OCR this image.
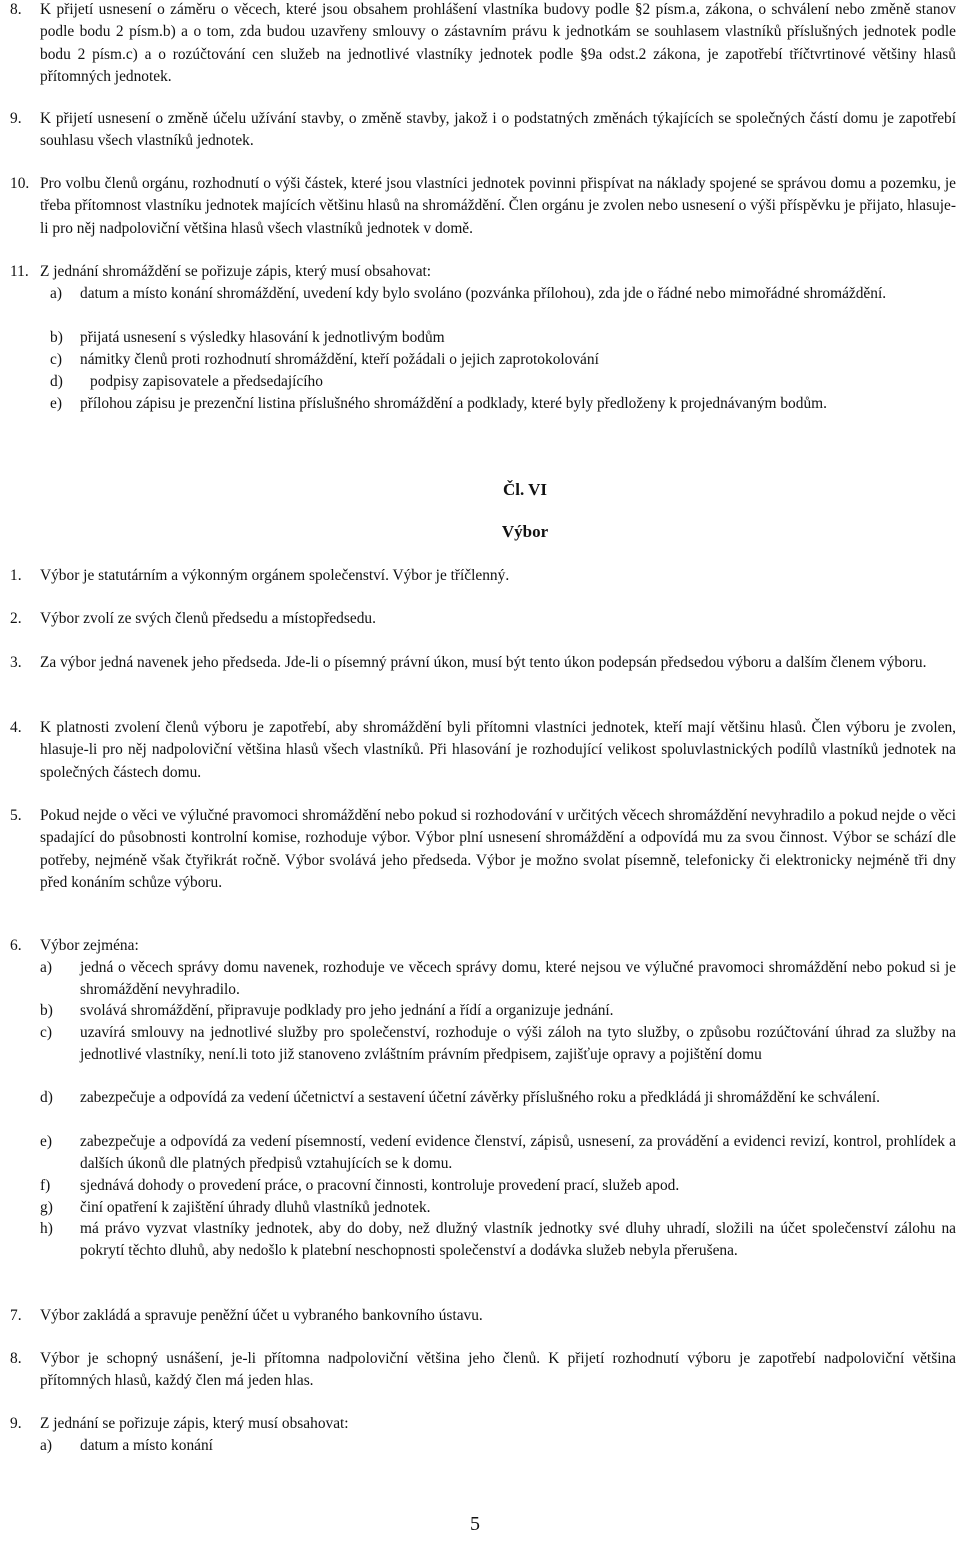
8.	K přijetí usnesení o záměru o věcech, které jsou obsahem prohlášení vlastníka budovy podle §2 písm.a, zákona, o schválení nebo změně stanov podle bodu 2 písm.b) a o tom, zda budou uzavřeny smlouvy o zástavním právu k jednotkám se souhlasem vlastníků příslušných jednotek podle bodu 2 písm.c) a o rozúčtování cen služeb na jednotlivé vlastníky jednotek podle §9a odst.2 zákona, je zapotřebí tříčtvrtinové většiny hlasů přítomných jednotek.
9.	K přijetí usnesení o změně účelu užívání stavby, o změně stavby, jakož i o podstatných změnách týkajících se společných částí domu je zapotřebí souhlasu všech vlastníků jednotek.
10. Pro volbu členů orgánu, rozhodnutí o výši částek, které jsou vlastníci jednotek povinni přispívat na náklady spojené se správou domu a pozemku, je třeba přítomnost vlastníku jednotek majících většinu hlasů na shromáždění. Člen orgánu je zvolen nebo usnesení o výši příspěvku je přijato, hlasuje-li pro něj nadpoloviční většina hlasů všech vlastníků jednotek v domě.
11. Z jednání shromáždění se pořizuje zápis, který musí obsahovat:
a)	datum a místo konání shromáždění, uvedení kdy bylo svoláno (pozvánka přílohou), zda jde o řádné nebo mimořádné shromáždění.
b)	přijatá usnesení s výsledky hlasování k jednotlivým bodům
c)	námitky členů proti rozhodnutí shromáždění, kteří požádali o jejich zaprotokolování
d)	podpisy zapisovatele a předsedajícího
e)	přílohou zápisu je prezenční listina příslušného shromáždění a podklady, které byly předloženy k projednávaným bodům.
Čl. VI
Výbor
1.	Výbor je statutárním a výkonným orgánem společenství. Výbor je tříčlenný.
2.	Výbor zvolí ze svých členů předsedu a místopředsedu.
3.	Za výbor jedná navenek jeho předseda. Jde-li o písemný právní úkon, musí být tento úkon podepsán předsedou výboru a dalším členem výboru.
4.	K platnosti zvolení členů výboru je zapotřebí, aby shromáždění byli přítomni vlastníci jednotek, kteří mají většinu hlasů. Člen výboru je zvolen, hlasuje-li pro něj nadpoloviční většina hlasů všech vlastníků. Při hlasování je rozhodující velikost spoluvlastnických podílů vlastníků jednotek na společných částech domu.
5.	Pokud nejde o věci ve výlučné pravomoci shromáždění nebo pokud si rozhodování v určitých věcech shromáždění nevyhradilo a pokud nejde o věci spadající do působnosti kontrolní komise, rozhoduje výbor. Výbor plní usnesení shromáždění a odpovídá mu za svou činnost. Výbor se schází dle potřeby, nejméně však čtyřikrát ročně. Výbor svolává jeho předseda. Výbor je možno svolat písemně, telefonicky či elektronicky nejméně tři dny před konáním schůze výboru.
6.	Výbor zejména:
a)	jedná o věcech správy domu navenek, rozhoduje ve věcech správy domu, které nejsou ve výlučné pravomoci shromáždění nebo pokud si je shromáždění nevyhradilo.
b)	svolává shromáždění, připravuje podklady pro jeho jednání a řídí a organizuje jednání.
c)	uzavírá smlouvy na jednotlivé služby pro společenství, rozhoduje o výši záloh na tyto služby, o způsobu rozúčtování úhrad za služby na jednotlivé vlastníky, není.li toto již stanoveno zvláštním právním předpisem, zajišťuje opravy a pojištění domu
d)	zabezpečuje a odpovídá za vedení účetnictví a sestavení účetní závěrky příslušného roku a předkládá ji shromáždění ke schválení.
e)	zabezpečuje a odpovídá za vedení písemností, vedení evidence členství, zápisů, usnesení, za provádění a evidenci revizí, kontrol, prohlídek a dalších úkonů dle platných předpisů vztahujících se k domu.
f)	sjednává dohody o provedení práce, o pracovní činnosti, kontroluje provedení prací, služeb apod.
g)	činí opatření k zajištění úhrady dluhů vlastníků jednotek.
h)	má právo vyzvat vlastníky jednotek, aby do doby, než dlužný vlastník jednotky své dluhy uhradí, složili na účet společenství zálohu na pokrytí těchto dluhů, aby nedošlo k platební neschopnosti společenství a dodávka služeb nebyla přerušena.
7.	Výbor zakládá a spravuje peněžní účet u vybraného bankovního ústavu.
8.	Výbor je schopný usnášení, je-li přítomna nadpoloviční většina jeho členů. K přijetí rozhodnutí výboru je zapotřebí nadpoloviční většina přítomných hlasů, každý člen má jeden hlas.
9.	Z jednání se pořizuje zápis, který musí obsahovat:
a)	datum a místo konání
5
